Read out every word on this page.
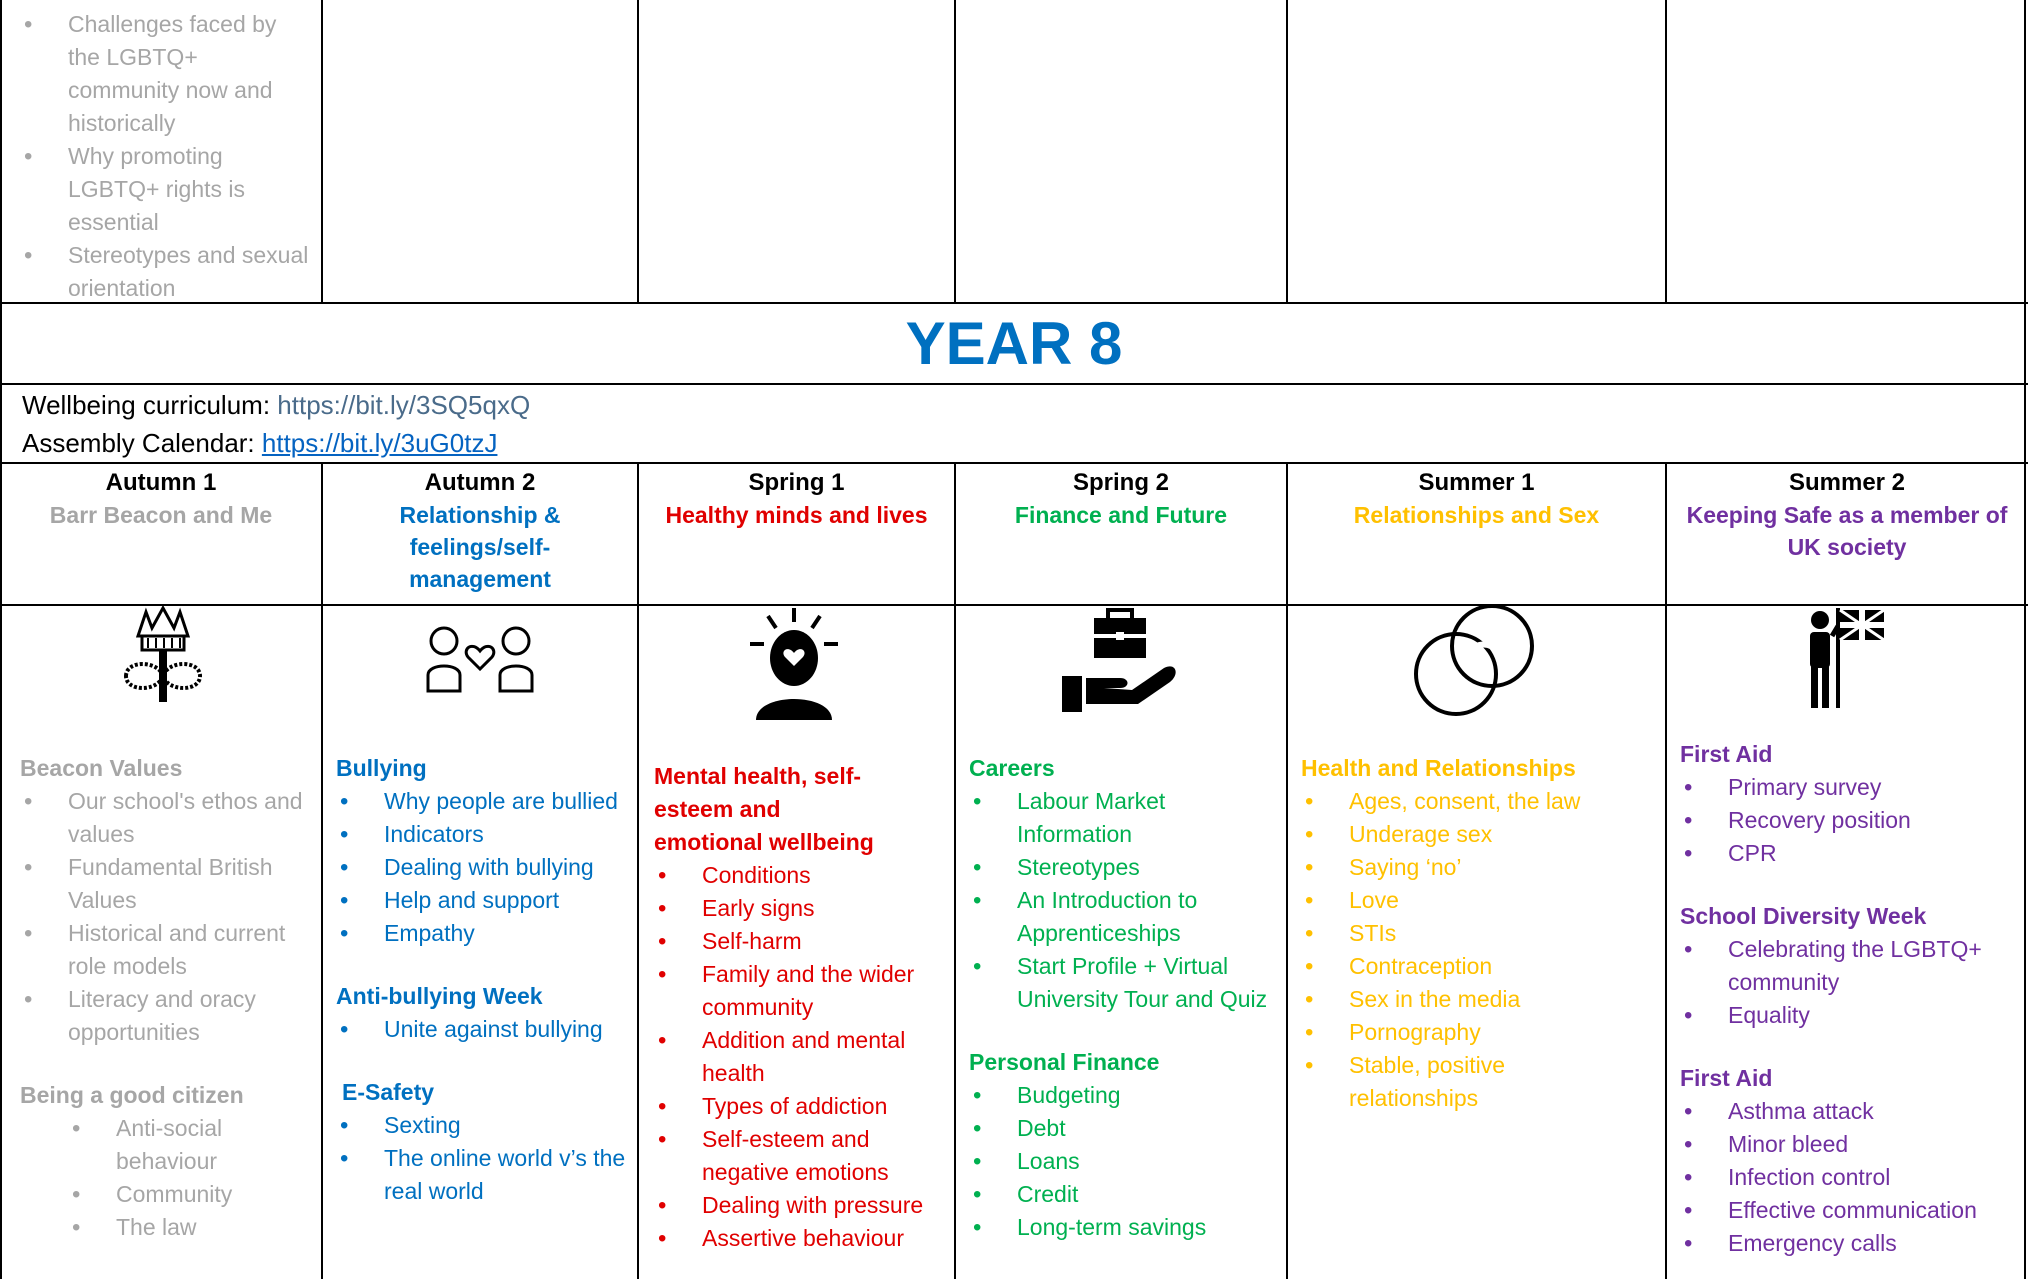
• Challenges faced by the LGBTQ+ community now and historically
• Why promoting LGBTQ+ rights is essential
• Stereotypes and sexual orientation
YEAR 8
Wellbeing curriculum: https://bit.ly/3SQ5qxQ
Assembly Calendar: https://bit.ly/3uG0tzJ
Autumn 1
Barr Beacon and Me
Autumn 2
Relationship & feelings/self-management
Spring 1
Healthy minds and lives
Spring 2
Finance and Future
Summer 1
Relationships and Sex
Summer 2
Keeping Safe as a member of UK society
Beacon Values
• Our school's ethos and values
• Fundamental British Values
• Historical and current role models
• Literacy and oracy opportunities
Being a good citizen
• Anti-social behaviour
• Community
• The law
Bullying
• Why people are bullied
• Indicators
• Dealing with bullying
• Help and support
• Empathy
Anti-bullying Week
• Unite against bullying
E-Safety
• Sexting
• The online world v’s the real world
Mental health, self-esteem and emotional wellbeing
• Conditions
• Early signs
• Self-harm
• Family and the wider community
• Addition and mental health
• Types of addiction
• Self-esteem and negative emotions
• Dealing with pressure
• Assertive behaviour
Careers
• Labour Market Information
• Stereotypes
• An Introduction to Apprenticeships
• Start Profile + Virtual University Tour and Quiz
Personal Finance
• Budgeting
• Debt
• Loans
• Credit
• Long-term savings
Health and Relationships
• Ages, consent, the law
• Underage sex
• Saying ‘no’
• Love
• STIs
• Contraception
• Sex in the media
• Pornography
• Stable, positive relationships
First Aid
• Primary survey
• Recovery position
• CPR
School Diversity Week
• Celebrating the LGBTQ+ community
• Equality
First Aid
• Asthma attack
• Minor bleed
• Infection control
• Effective communication
• Emergency calls
